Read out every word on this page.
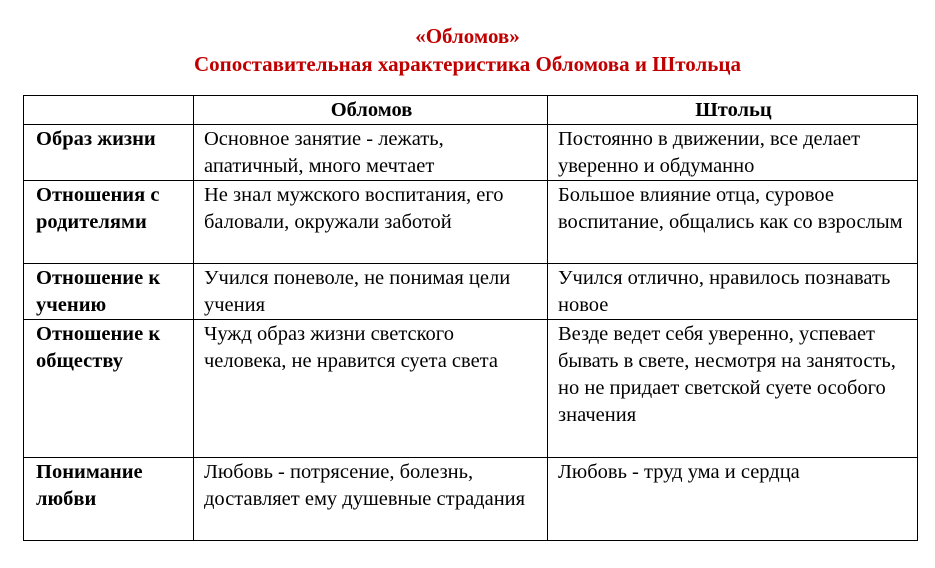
«Обломов»
Сопоставительная характеристика Обломова и Штольца
	Обломов	Штольц
Образ жизни	Основное занятие - лежать, апатичный, много мечтает	Постоянно в движении, все делает уверенно и обдуманно
Отношения с родителями	Не знал мужского воспитания, его баловали, окружали заботой	Большое влияние отца, суровое воспитание, общались как со взрослым
Отношение к учению	Учился поневоле, не понимая цели учения	Учился отлично, нравилось познавать новое
Отношение к обществу	Чужд образ жизни светского человека, не нравится суета света	Везде ведет себя уверенно, успевает бывать в свете, несмотря на занятость, но не придает светской суете особого значения
Понимание любви	Любовь - потрясение, болезнь, доставляет ему душевные страдания	Любовь - труд ума и сердца
